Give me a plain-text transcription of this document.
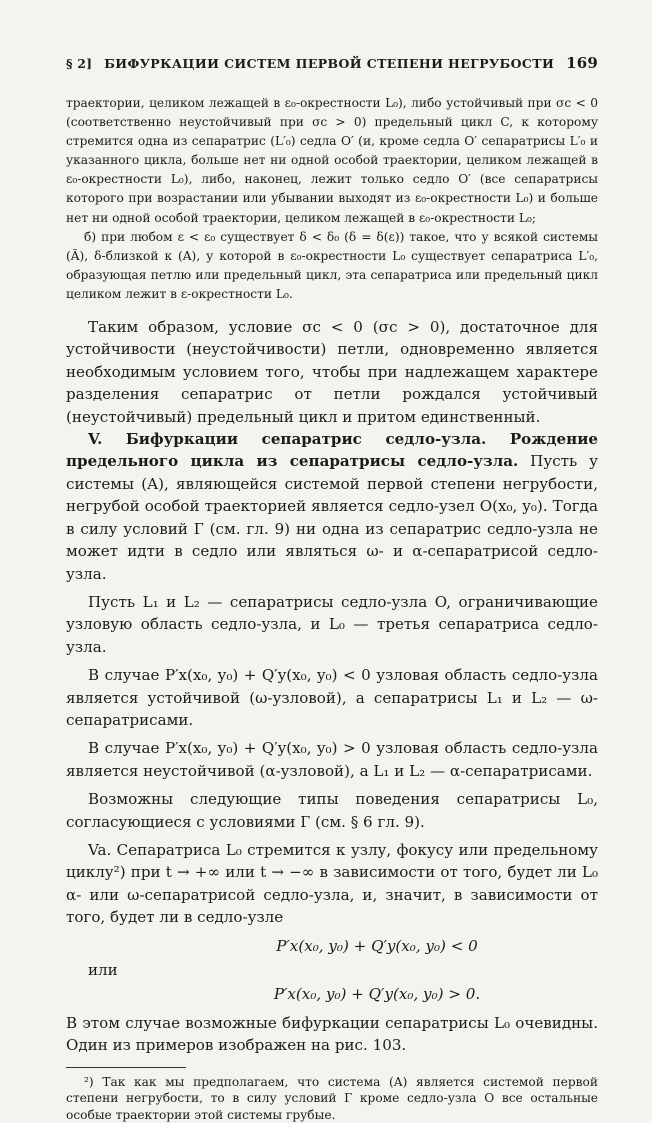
§ 2] БИФУРКАЦИИ СИСТЕМ ПЕРВОЙ СТЕПЕНИ НЕГРУБОСТИ 169

траектории, целиком лежащей в ε₀-окрестности L₀), либо устойчивый при σc < 0 (соответственно неустойчивый при σc > 0) предельный цикл C, к которому стремится одна из сепаратрис (L′₀) седла O′ (и, кроме седла O′ сепаратрисы L′₀ и указанного цикла, больше нет ни одной особой траектории, целиком лежащей в ε₀-окрестности L₀), либо, наконец, лежит только седло O′ (все сепаратрисы которого при возрастании или убывании выходят из ε₀-окрестности L₀) и больше нет ни одной особой траектории, целиком лежащей в ε₀-окрестности L₀;

б) при любом ε < ε₀ существует δ < δ₀ (δ = δ(ε)) такое, что у всякой системы (Ã), δ-близкой к (A), у которой в ε₀-окрестности L₀ существует сепаратриса L′₀, образующая петлю или предельный цикл, эта сепаратриса или предельный цикл целиком лежит в ε-окрестности L₀.

Таким образом, условие σc < 0 (σc > 0), достаточное для устойчивости (неустойчивости) петли, одновременно является необходимым условием того, чтобы при надлежащем характере разделения сепаратрис от петли рождался устойчивый (неустойчивый) предельный цикл и притом единственный.

V. Бифуркации сепаратрис седло-узла. Рождение предельного цикла из сепаратрисы седло-узла. Пусть у системы (A), являющейся системой первой степени негрубости, негрубой особой траекторией является седло-узел O(x₀, y₀). Тогда в силу условий Г (см. гл. 9) ни одна из сепаратрис седло-узла не может идти в седло или являться ω- и α-сепаратрисой седло-узла.

Пусть L₁ и L₂ — сепаратрисы седло-узла O, ограничивающие узловую область седло-узла, и L₀ — третья сепаратриса седло-узла.

В случае P′x(x₀, y₀) + Q′y(x₀, y₀) < 0 узловая область седло-узла является устойчивой (ω-узловой), а сепаратрисы L₁ и L₂ — ω-сепаратрисами.

В случае P′x(x₀, y₀) + Q′y(x₀, y₀) > 0 узловая область седло-узла является неустойчивой (α-узловой), а L₁ и L₂ — α-сепаратрисами.

Возможны следующие типы поведения сепаратрисы L₀, согласующиеся с условиями Г (см. § 6 гл. 9).

Va. Сепаратриса L₀ стремится к узлу, фокусу или предельному циклу²) при t → +∞ или t → −∞ в зависимости от того, будет ли L₀ α- или ω-сепаратрисой седло-узла, и, значит, в зависимости от того, будет ли в седло-узле

P′x(x₀, y₀) + Q′y(x₀, y₀) < 0

или

P′x(x₀, y₀) + Q′y(x₀, y₀) > 0.

В этом случае возможные бифуркации сепаратрисы L₀ очевидны. Один из примеров изображен на рис. 103.

²) Так как мы предполагаем, что система (A) является системой первой степени негрубости, то в силу условий Г кроме седло-узла O все остальные особые траектории этой системы грубые.
